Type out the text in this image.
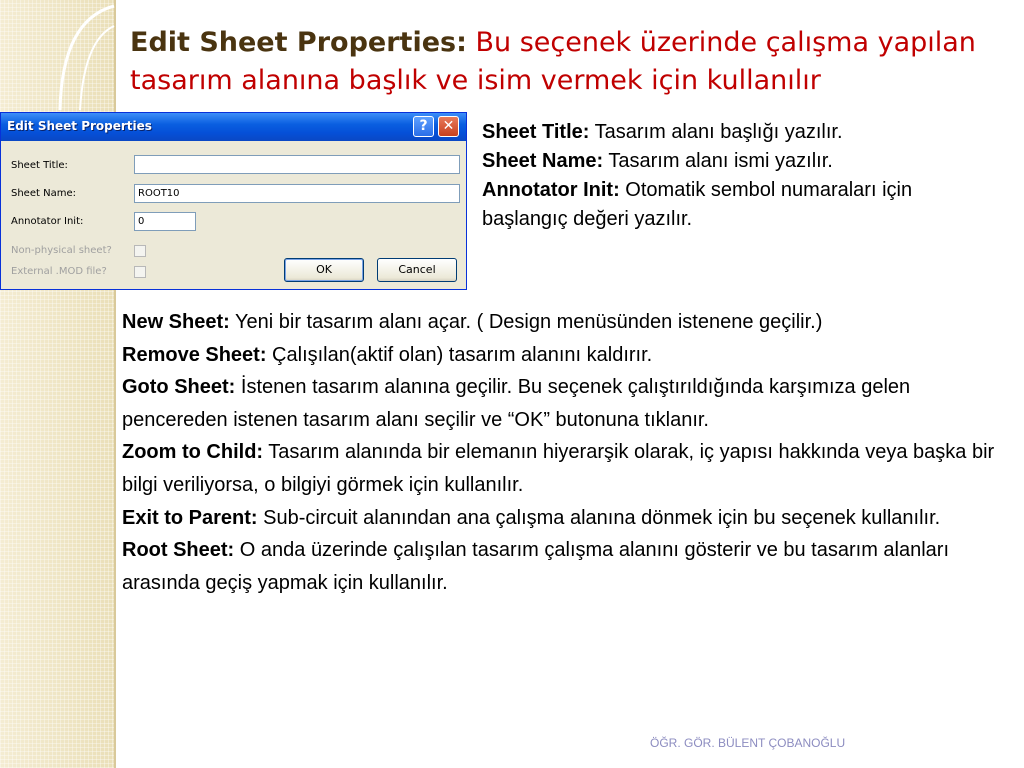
Edit Sheet Properties: Bu seçenek üzerinde çalışma yapılan tasarım alanına başlık ve isim vermek için kullanılır
Edit Sheet Properties	?	✕
Sheet Title:
Sheet Name:	ROOT10
Annotator Init:	0
Non-physical sheet?
External .MOD file?	OK	Cancel
Sheet Title: Tasarım alanı başlığı yazılır.
Sheet Name: Tasarım alanı ismi yazılır.
Annotator Init: Otomatik sembol numaraları için başlangıç değeri yazılır.
New Sheet: Yeni bir tasarım alanı açar. ( Design menüsünden istenene geçilir.)
Remove Sheet: Çalışılan(aktif olan) tasarım alanını kaldırır.
Goto Sheet: İstenen tasarım alanına geçilir. Bu seçenek çalıştırıldığında karşımıza gelen pencereden istenen tasarım alanı seçilir ve “OK” butonuna tıklanır.
Zoom to Child: Tasarım alanında bir elemanın hiyerarşik olarak, iç yapısı hakkında veya başka bir bilgi veriliyorsa, o bilgiyi görmek için kullanılır.
Exit to Parent: Sub-circuit alanından ana çalışma alanına dönmek için bu seçenek kullanılır.
Root Sheet: O anda üzerinde çalışılan tasarım çalışma alanını gösterir ve bu tasarım alanları arasında geçiş yapmak için kullanılır.
ÖĞR. GÖR. BÜLENT ÇOBANOĞLU
